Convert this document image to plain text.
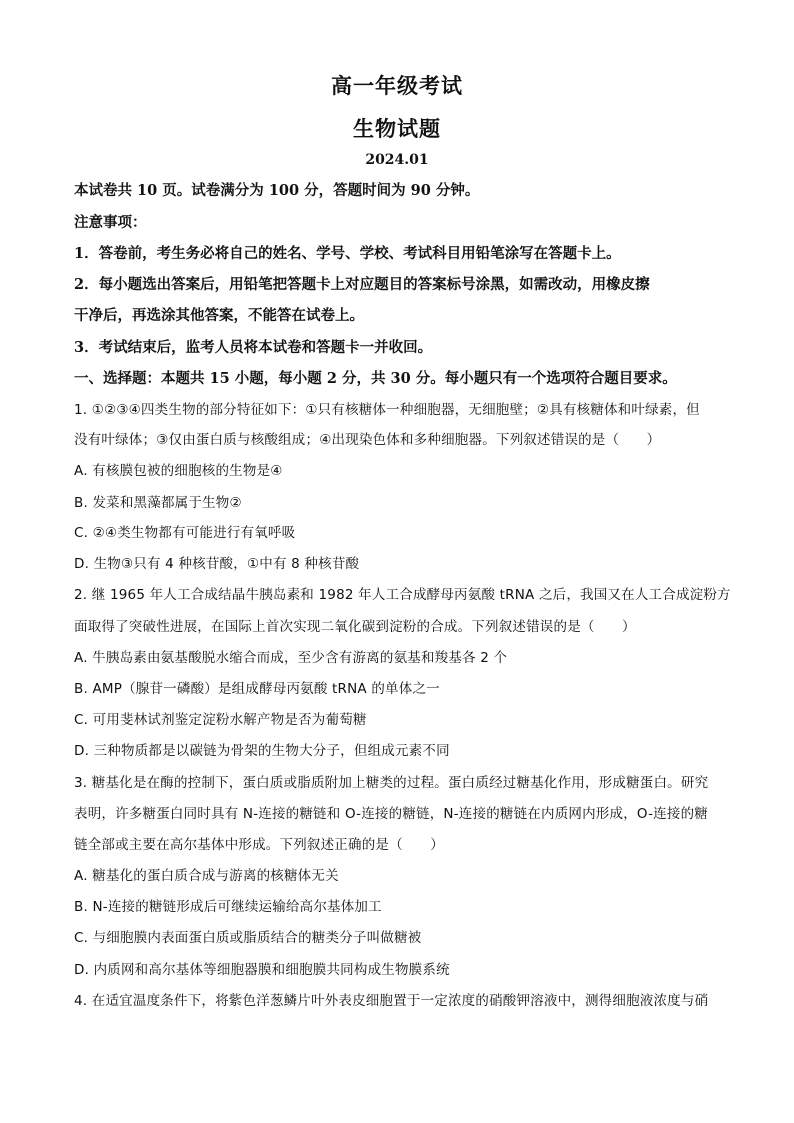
高一年级考试
生物试题
2024.01
本试卷共 10 页。试卷满分为 100 分，答题时间为 90 分钟。
注意事项：
1．答卷前，考生务必将自己的姓名、学号、学校、考试科目用铅笔涂写在答题卡上。
2．每小题选出答案后，用铅笔把答题卡上对应题目的答案标号涂黑，如需改动，用橡皮擦
干净后，再选涂其他答案，不能答在试卷上。
3．考试结束后，监考人员将本试卷和答题卡一并收回。
一、选择题：本题共 15 小题，每小题 2 分，共 30 分。每小题只有一个选项符合题目要求。
1. ①②③④四类生物的部分特征如下：①只有核糖体一种细胞器，无细胞壁；②具有核糖体和叶绿素，但
没有叶绿体；③仅由蛋白质与核酸组成；④出现染色体和多种细胞器。下列叙述错误的是（　　）
A. 有核膜包被的细胞核的生物是④
B. 发菜和黑藻都属于生物②
C. ②④类生物都有可能进行有氧呼吸
D. 生物③只有 4 种核苷酸，①中有 8 种核苷酸
2. 继 1965 年人工合成结晶牛胰岛素和 1982 年人工合成酵母丙氨酸 tRNA 之后，我国又在人工合成淀粉方
面取得了突破性进展，在国际上首次实现二氧化碳到淀粉的合成。下列叙述错误的是（　　）
A. 牛胰岛素由氨基酸脱水缩合而成，至少含有游离的氨基和羧基各 2 个
B. AMP（腺苷一磷酸）是组成酵母丙氨酸 tRNA 的单体之一
C. 可用斐林试剂鉴定淀粉水解产物是否为葡萄糖
D. 三种物质都是以碳链为骨架的生物大分子，但组成元素不同
3. 糖基化是在酶的控制下，蛋白质或脂质附加上糖类的过程。蛋白质经过糖基化作用，形成糖蛋白。研究
表明，许多糖蛋白同时具有 N-连接的糖链和 O-连接的糖链，N-连接的糖链在内质网内形成，O-连接的糖
链全部或主要在高尔基体中形成。下列叙述正确的是（　　）
A. 糖基化的蛋白质合成与游离的核糖体无关
B. N-连接的糖链形成后可继续运输给高尔基体加工
C. 与细胞膜内表面蛋白质或脂质结合的糖类分子叫做糖被
D. 内质网和高尔基体等细胞器膜和细胞膜共同构成生物膜系统
4. 在适宜温度条件下，将紫色洋葱鳞片叶外表皮细胞置于一定浓度的硝酸钾溶液中，测得细胞液浓度与硝
